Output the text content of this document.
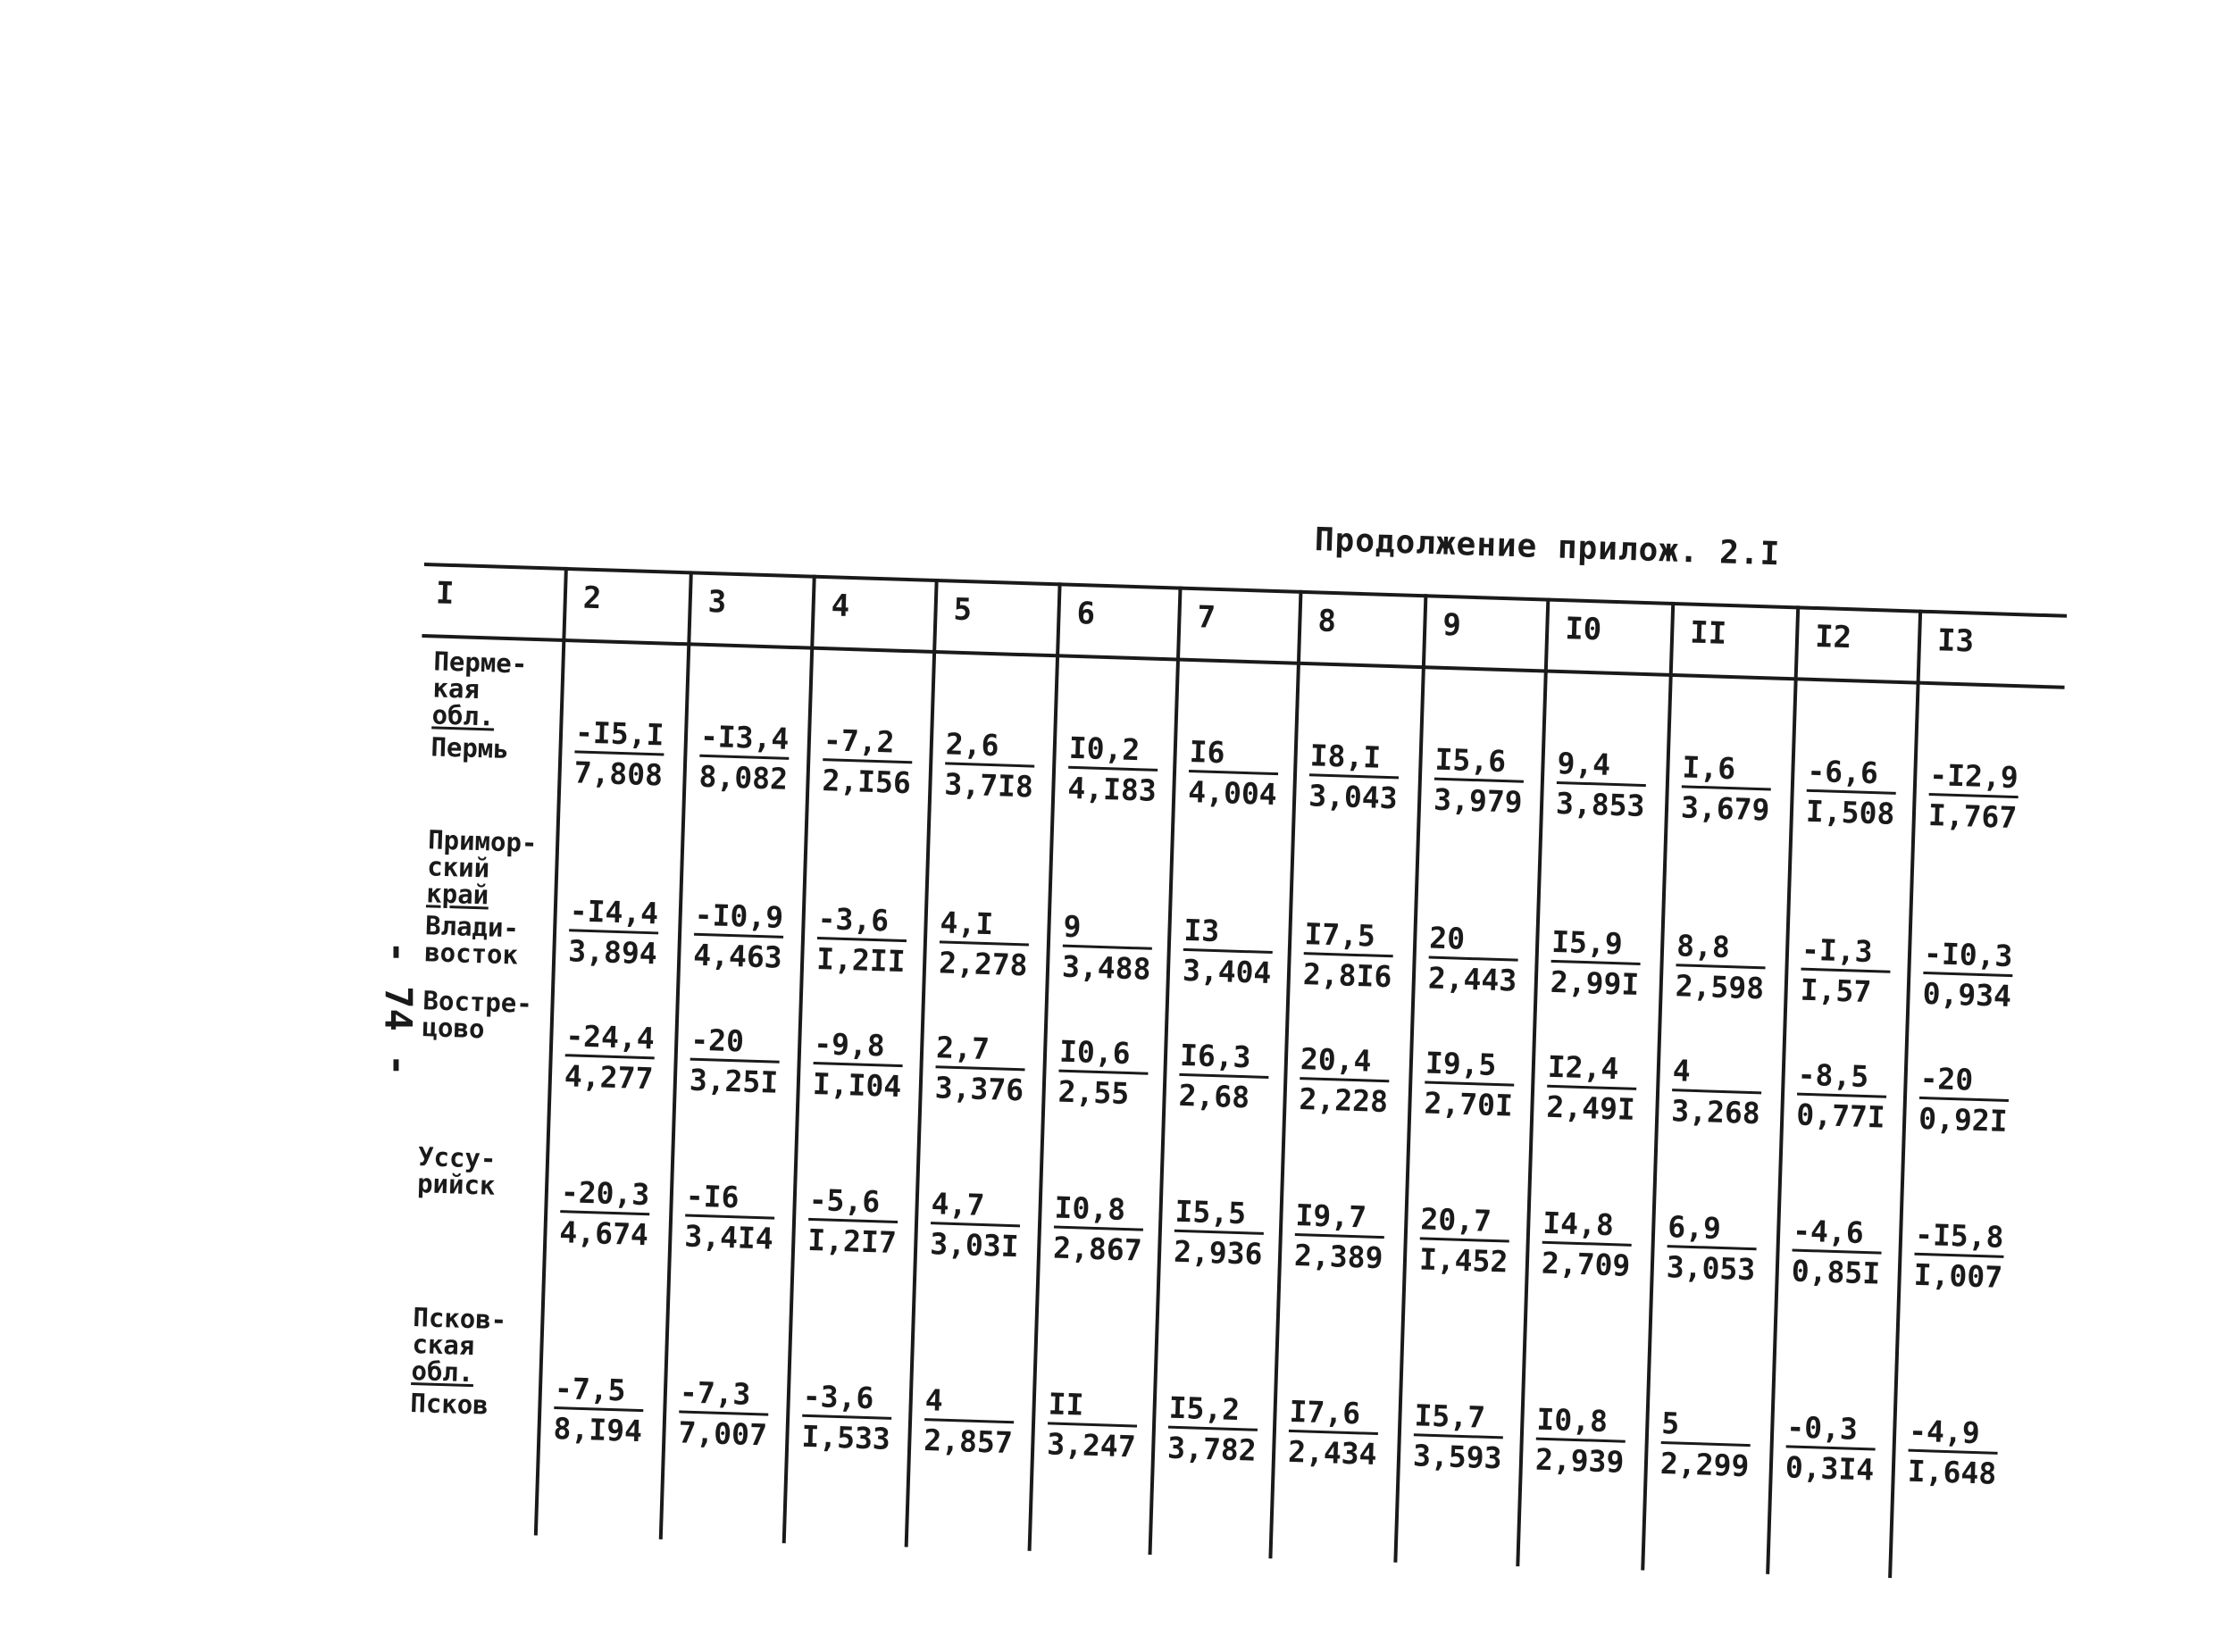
- 74 -
Продолжение прилож. 2.I
I	2	3	4	5	6	7	8	9	I0	II	I2	I3
Перме-
кая
обл.
Пермь	$\frac{-I5,I}{7,808} \frac{-I3,4}{8,082} \frac{-7,2}{2,I56} \frac{2,6}{3,7I8} \frac{I0,2}{4,I83} \frac{I6}{4,004} \frac{I8,I}{3,043} \frac{I5,6}{3,979} \frac{9,4}{3,853} \frac{I,6}{3,679} \frac{-6,6}{I,508} \frac{-I2,9}{I,767}$
Примор-
ский
край
Влади-
восток	$\frac{-I4,4}{3,894} \frac{-I0,9}{4,463} \frac{-3,6}{I,2II} \frac{4,I}{2,278} \frac{9}{3,488} \frac{I3}{3,404} \frac{I7,5}{2,8I6} \frac{20}{2,443} \frac{I5,9}{2,99I} \frac{8,8}{2,598} \frac{-I,3}{I,57} \frac{-I0,3}{0,934}$
Востре-
цово	$\frac{-24,4}{4,277} \frac{-20}{3,25I} \frac{-9,8}{I,I04} \frac{2,7}{3,376} \frac{I0,6}{2,55} \frac{I6,3}{2,68} \frac{20,4}{2,228} \frac{I9,5}{2,70I} \frac{I2,4}{2,49I} \frac{4}{3,268} \frac{-8,5}{0,77I} \frac{-20}{0,92I}$
Уссу-
рийск	$\frac{-20,3}{4,674} \frac{-I6}{3,4I4} \frac{-5,6}{I,2I7} \frac{4,7}{3,03I} \frac{I0,8}{2,867} \frac{I5,5}{2,936} \frac{I9,7}{2,389} \frac{20,7}{I,452} \frac{I4,8}{2,709} \frac{6,9}{3,053} \frac{-4,6}{0,85I} \frac{-I5,8}{I,007}$
Псков-
ская
обл.
Псков	$\frac{-7,5}{8,I94} \frac{-7,3}{7,007} \frac{-3,6}{I,533} \frac{4}{2,857} \frac{II}{3,247} \frac{I5,2}{3,782} \frac{I7,6}{2,434} \frac{I5,7}{3,593} \frac{I0,8}{2,939} \frac{5}{2,299} \frac{-0,3}{0,3I4} \frac{-4,9}{I,648}$
